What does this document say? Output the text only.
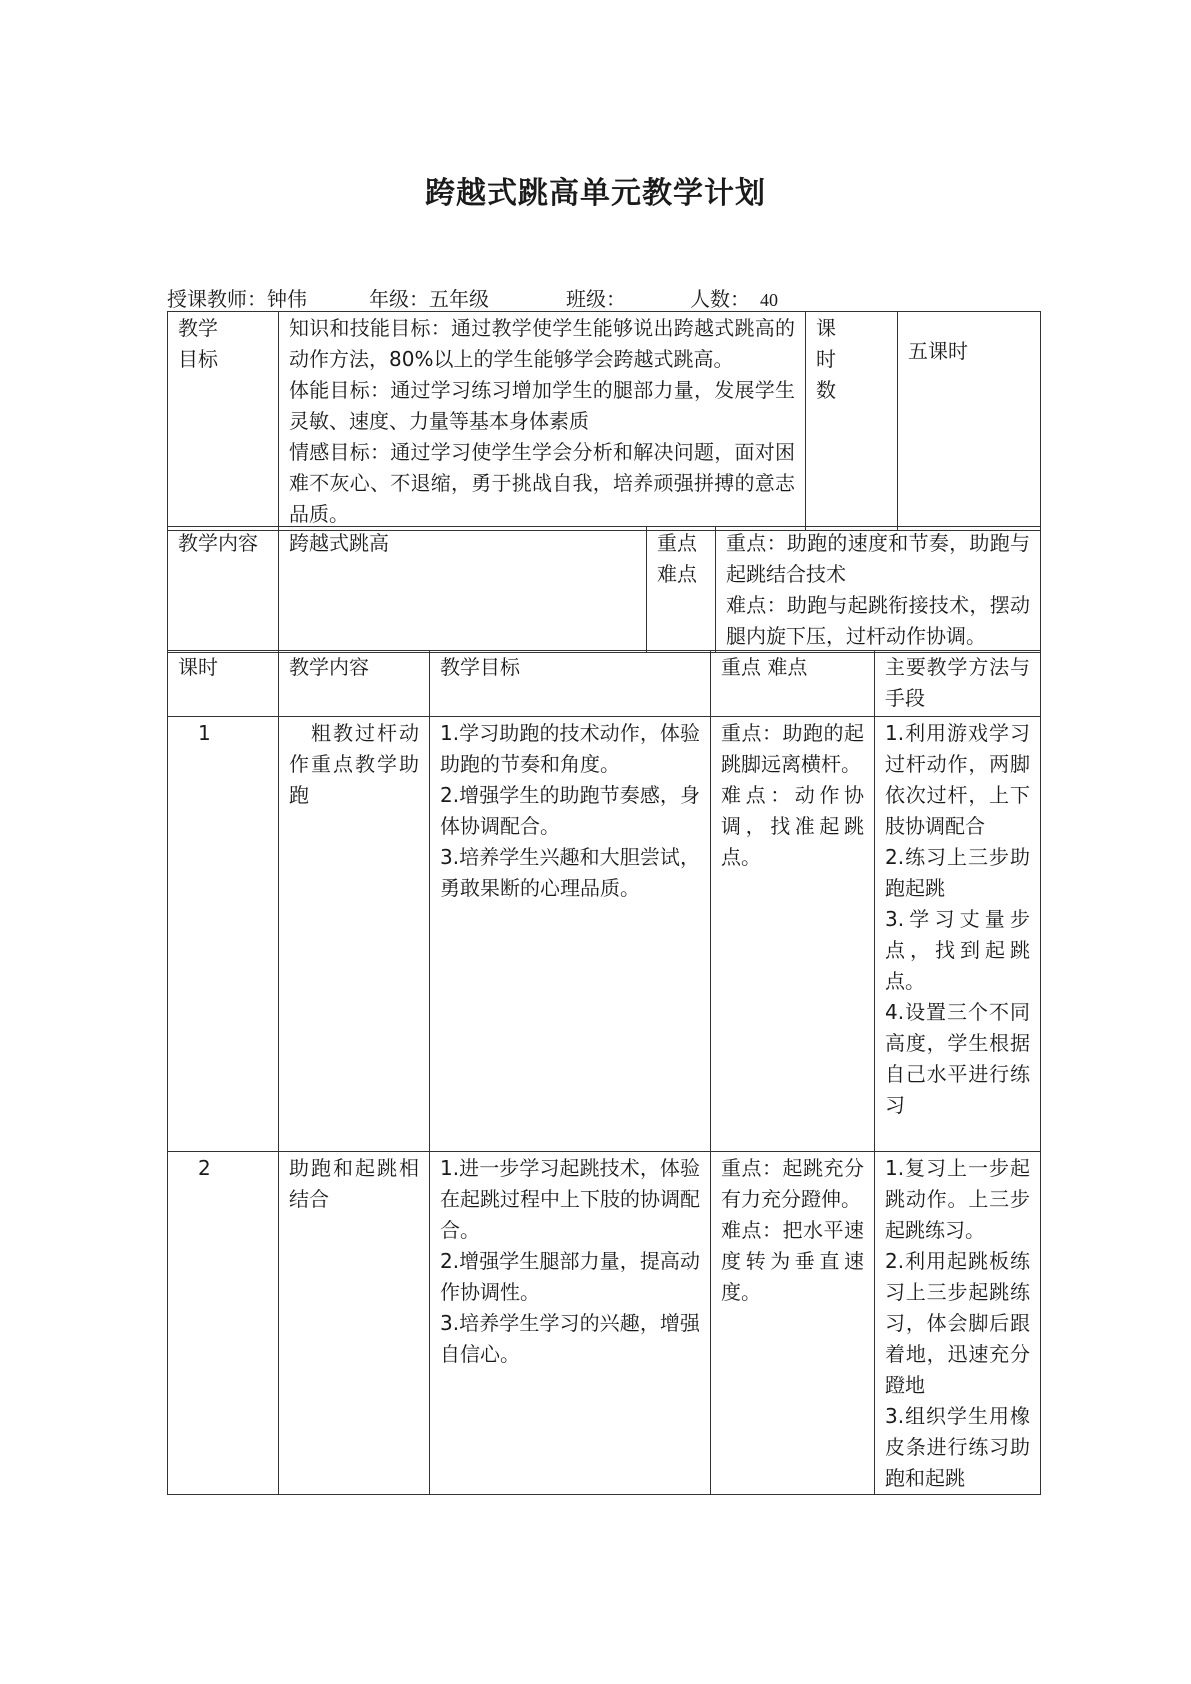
跨越式跳高单元教学计划
授课教师：钟伟	年级：五年级	班级：	人数： 40
教学
目标	知识和技能目标：通过教学使学生能够说出跨越式跳高的动作方法，80%以上的学生能够学会跨越式跳高。
体能目标：通过学习练习增加学生的腿部力量，发展学生灵敏、速度、力量等基本身体素质
情感目标：通过学习使学生学会分析和解决问题，面对困难不灰心、不退缩，勇于挑战自我，培养顽强拼搏的意志品质。	课
时
数	五课时
教学内容	跨越式跳高	重点
难点	重点：助跑的速度和节奏，助跑与起跳结合技术
难点：助跑与起跳衔接技术，摆动腿内旋下压，过杆动作协调。
课时	教学内容	教学目标	重点 难点	主要教学方法与手段
1	　粗教过杆动作重点教学助跑	1.学习助跑的技术动作，体验助跑的节奏和角度。
2.增强学生的助跑节奏感，身体协调配合。
3.培养学生兴趣和大胆尝试，勇敢果断的心理品质。	重点：助跑的起跳脚远离横杆。
难点：动作协调，找准起跳点。	1.利用游戏学习过杆动作，两脚依次过杆，上下肢协调配合
2.练习上三步助跑起跳
3.学习丈量步点，找到起跳点。
4.设置三个不同高度，学生根据自己水平进行练习
2	助跑和起跳相结合	1.进一步学习起跳技术，体验在起跳过程中上下肢的协调配合。
2.增强学生腿部力量，提高动作协调性。
3.培养学生学习的兴趣，增强自信心。	重点：起跳充分有力充分蹬伸。
难点：把水平速度转为垂直速度。	1.复习上一步起跳动作。上三步起跳练习。
2.利用起跳板练习上三步起跳练习，体会脚后跟着地，迅速充分蹬地
3.组织学生用橡皮条进行练习助跑和起跳
